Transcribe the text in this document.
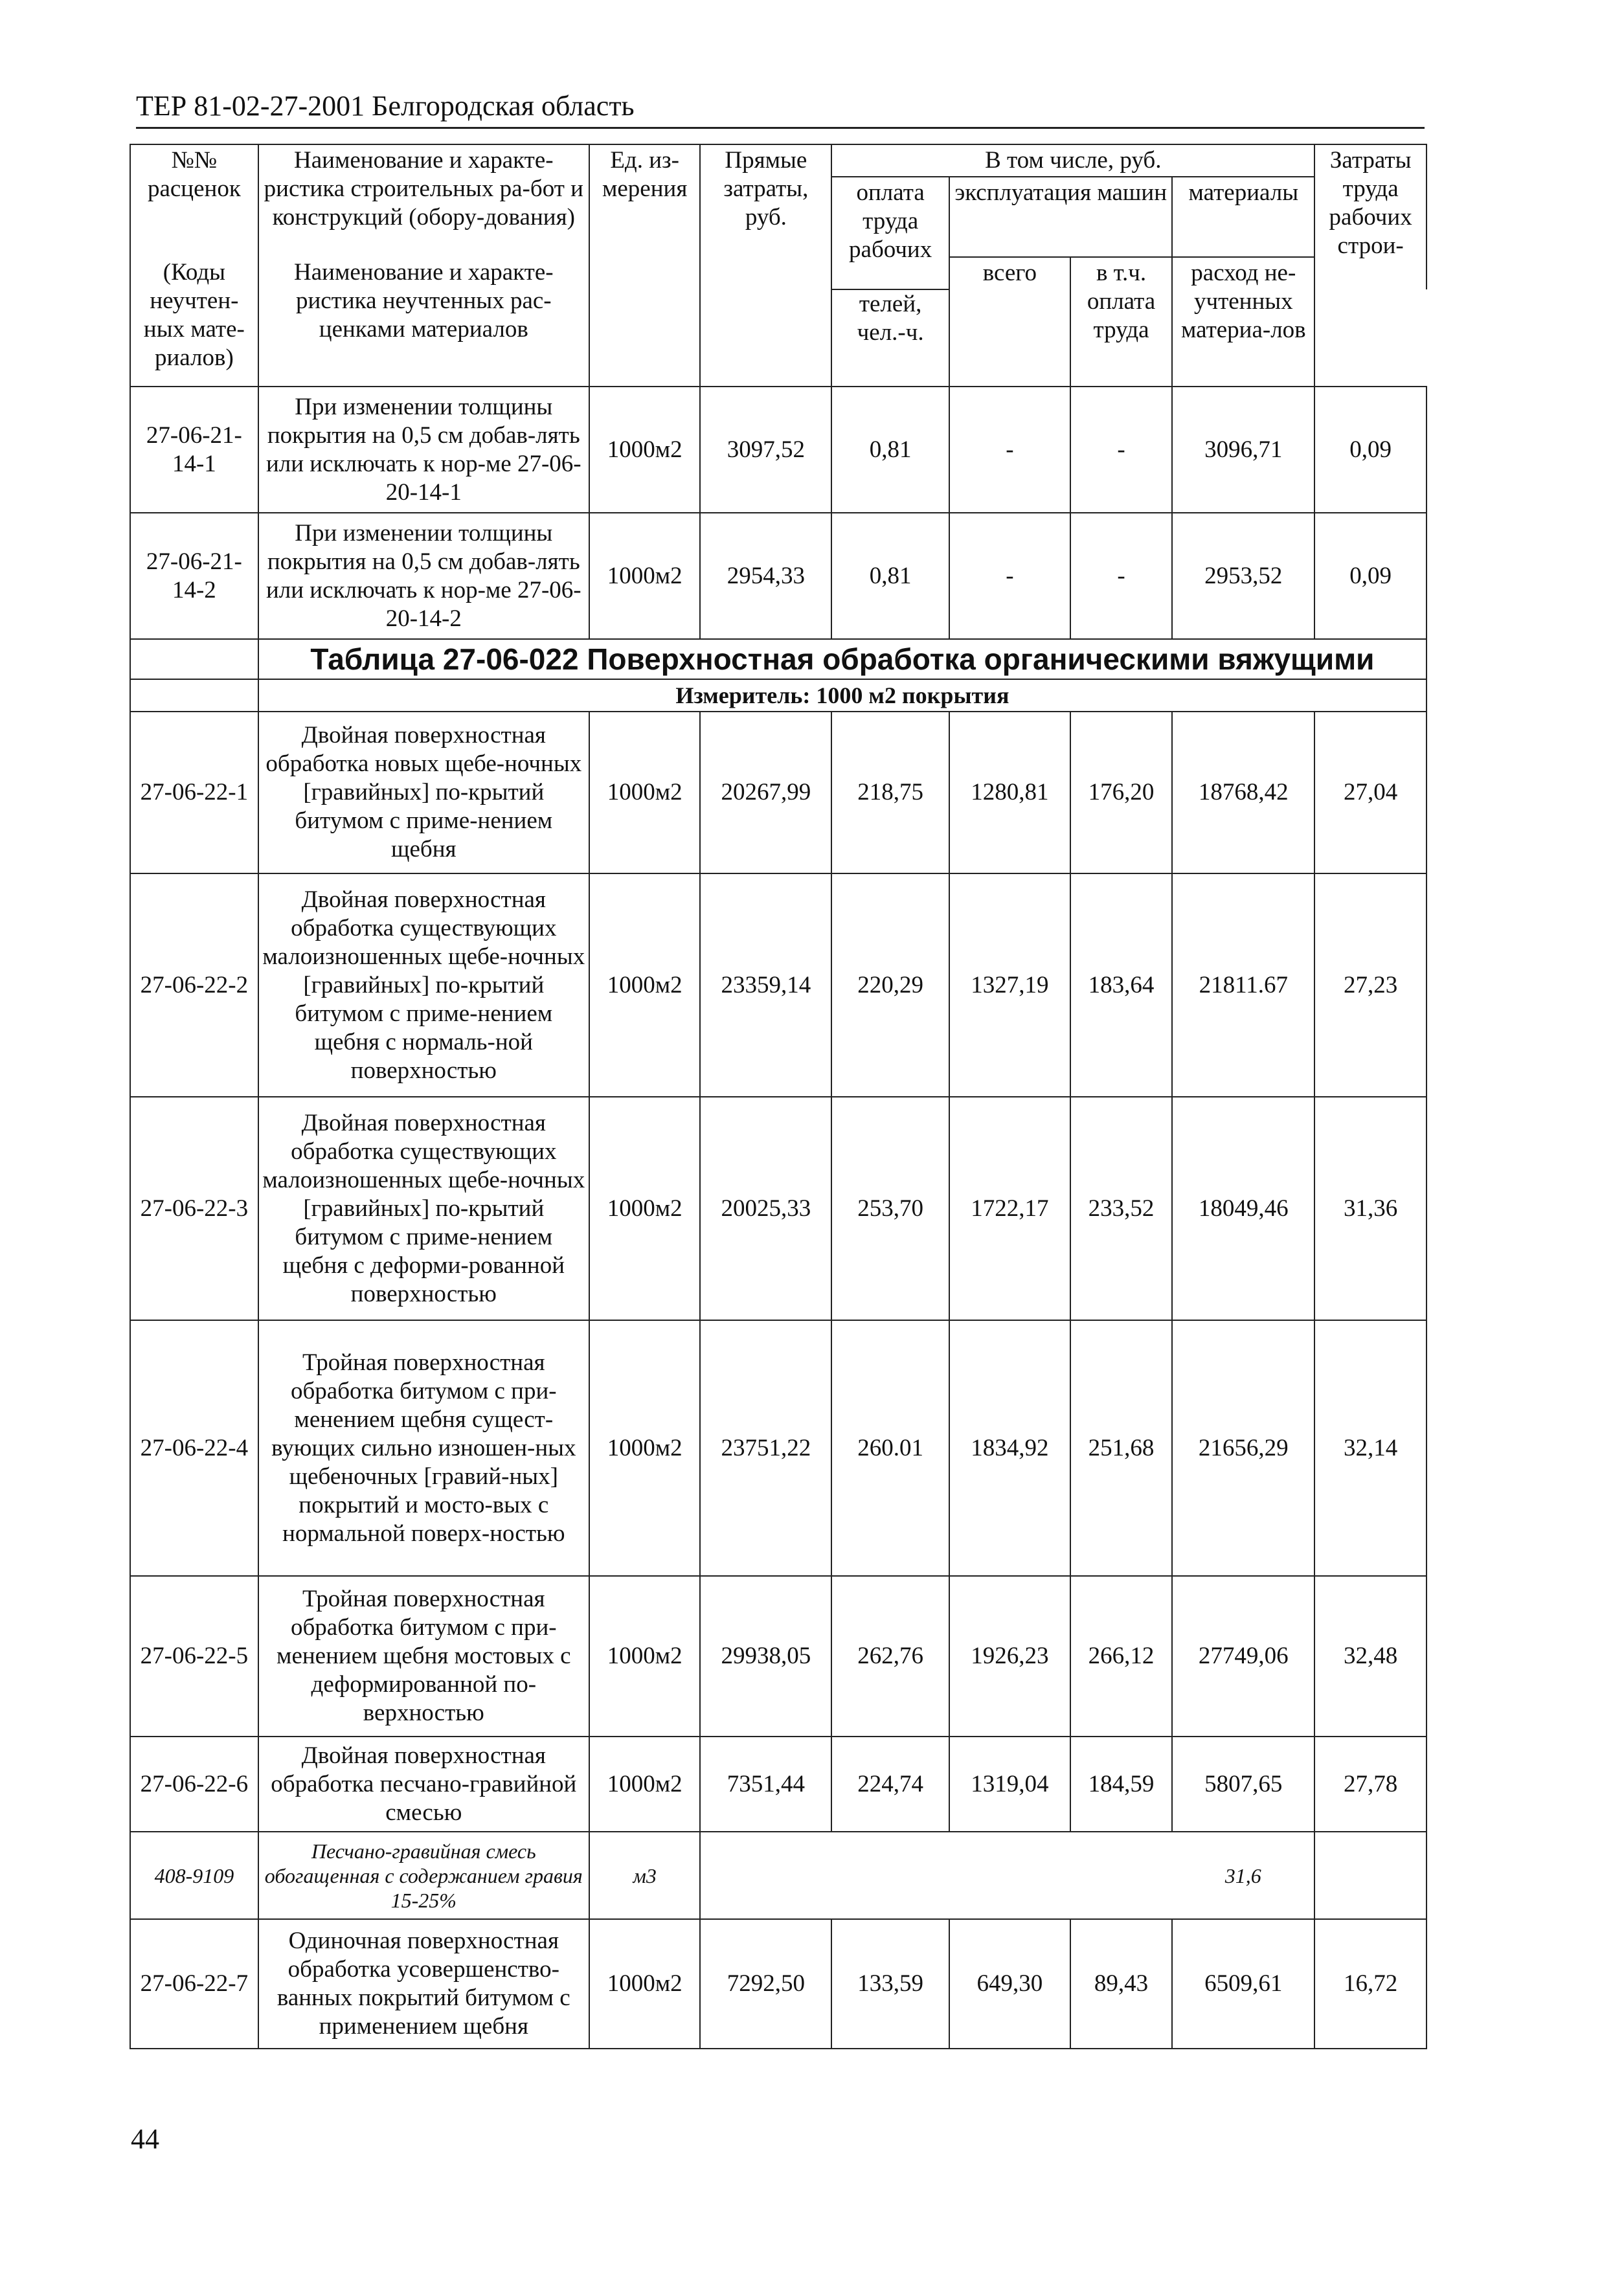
ТЕР 81-02-27-2001 Белгородская область
№№ расценок	Наименование и характе-ристика строительных ра-бот и конструкций (обору-дования)	Ед. из-мерения	Прямые затраты, руб.	В том числе, руб.				Затраты труда рабочих строи-
				оплата труда рабочих	эксплуатация машин		материалы	

(Коды неучтен-ных мате-риалов)	Наименование и характе-ристика неучтенных рас-ценками материалов				всего	в т.ч. оплата труда	расход не-учтенных материа-лов	
				телей, чел.-ч.				
27-06-21-14-1	При изменении толщины покрытия на 0,5 см добав-лять или исключать к нор-ме 27-06-20-14-1	1000м2	3097,52	0,81	-	-	3096,71	0,09
27-06-21-14-2	При изменении толщины покрытия на 0,5 см добав-лять или исключать к нор-ме 27-06-20-14-2	1000м2	2954,33	0,81	-	-	2953,52	0,09
	Таблица 27-06-022 Поверхностная обработка органическими вяжущими							
	Измеритель: 1000 м2 покрытия							
27-06-22-1	Двойная поверхностная обработка новых щебе-ночных [гравийных] по-крытий битумом с приме-нением щебня	1000м2	20267,99	218,75	1280,81	176,20	18768,42	27,04
27-06-22-2	Двойная поверхностная обработка существующих малоизношенных щебе-ночных [гравийных] по-крытий битумом с приме-нением щебня с нормаль-ной поверхностью	1000м2	23359,14	220,29	1327,19	183,64	21811.67	27,23
27-06-22-3	Двойная поверхностная обработка существующих малоизношенных щебе-ночных [гравийных] по-крытий битумом с приме-нением щебня с деформи-рованной поверхностью	1000м2	20025,33	253,70	1722,17	233,52	18049,46	31,36
27-06-22-4	Тройная поверхностная обработка битумом с при-менением щебня сущест-вующих сильно изношен-ных щебеночных [гравий-ных] покрытий и мосто-вых с нормальной поверх-ностью	1000м2	23751,22	260.01	1834,92	251,68	21656,29	32,14
27-06-22-5	Тройная поверхностная обработка битумом с при-менением щебня мостовых с деформированной по-верхностью	1000м2	29938,05	262,76	1926,23	266,12	27749,06	32,48
27-06-22-6	Двойная поверхностная обработка песчано-гравийной смесью	1000м2	7351,44	224,74	1319,04	184,59	5807,65	27,78
408-9109	Песчано-гравийная смесь обогащенная с содержанием гравия 15-25%	м3					31,6	
27-06-22-7	Одиночная поверхностная обработка усовершенство-ванных покрытий битумом с применением щебня	1000м2	7292,50	133,59	649,30	89,43	6509,61	16,72
44
